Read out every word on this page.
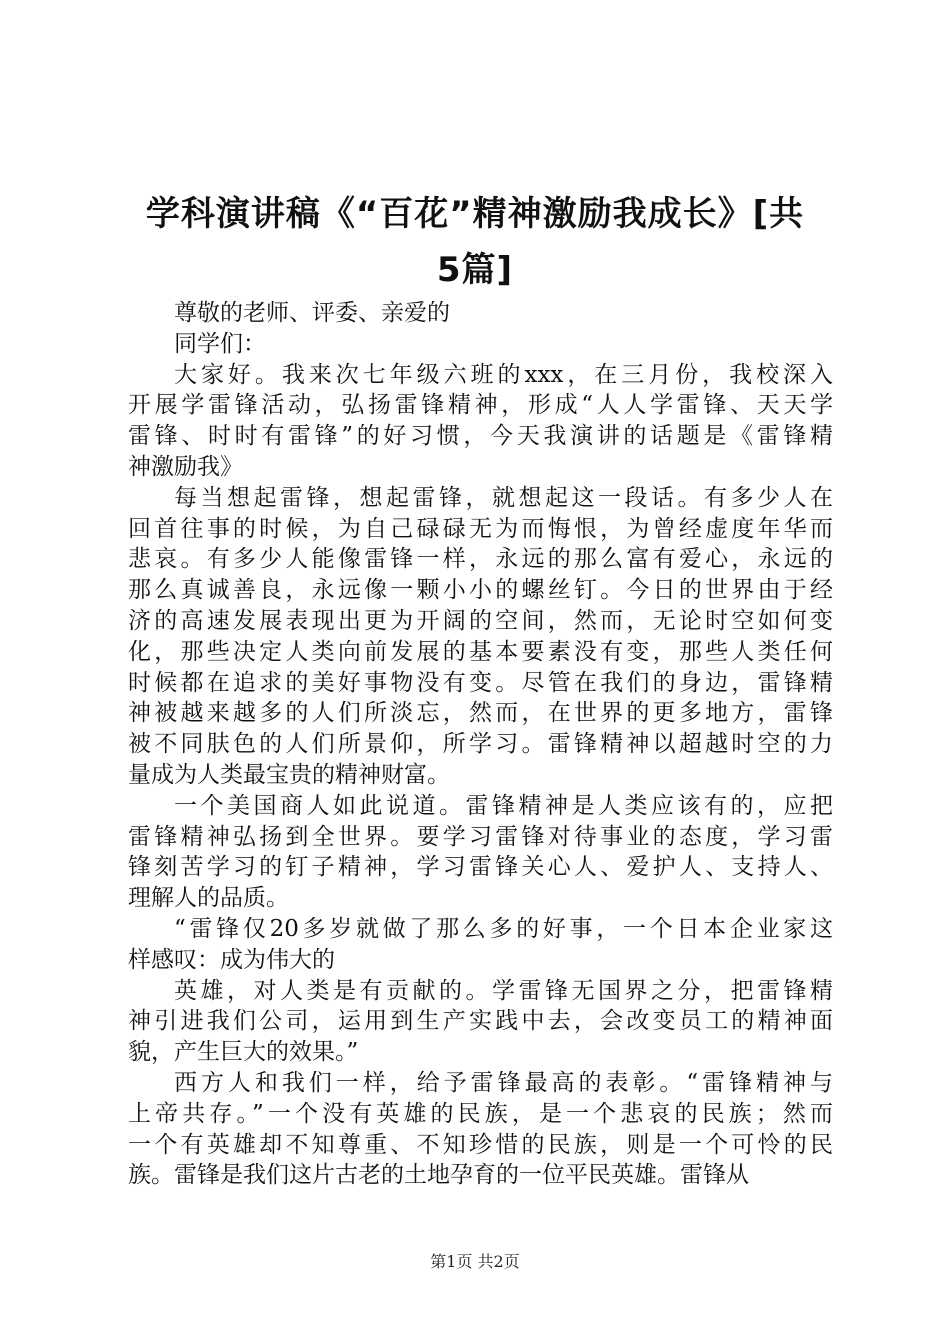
学科演讲稿《“百花”精神激励我成长》[共
5篇]
尊敬的老师、评委、亲爱的
同学们：
大家好。我来次七年级六班的xxx，在三月份，我校深入
开展学雷锋活动，弘扬雷锋精神，形成“人人学雷锋、天天学
雷锋、时时有雷锋”的好习惯，今天我演讲的话题是《雷锋精
神激励我》
每当想起雷锋，想起雷锋，就想起这一段话。有多少人在
回首往事的时候，为自己碌碌无为而悔恨，为曾经虚度年华而
悲哀。有多少人能像雷锋一样，永远的那么富有爱心，永远的
那么真诚善良，永远像一颗小小的螺丝钉。今日的世界由于经
济的高速发展表现出更为开阔的空间，然而，无论时空如何变
化，那些决定人类向前发展的基本要素没有变，那些人类任何
时候都在追求的美好事物没有变。尽管在我们的身边，雷锋精
神被越来越多的人们所淡忘，然而，在世界的更多地方，雷锋
被不同肤色的人们所景仰，所学习。雷锋精神以超越时空的力
量成为人类最宝贵的精神财富。
一个美国商人如此说道。雷锋精神是人类应该有的，应把
雷锋精神弘扬到全世界。要学习雷锋对待事业的态度，学习雷
锋刻苦学习的钉子精神，学习雷锋关心人、爱护人、支持人、
理解人的品质。
“雷锋仅20多岁就做了那么多的好事，一个日本企业家这
样感叹：成为伟大的
英雄，对人类是有贡献的。学雷锋无国界之分，把雷锋精
神引进我们公司，运用到生产实践中去，会改变员工的精神面
貌，产生巨大的效果。”
西方人和我们一样，给予雷锋最高的表彰。“雷锋精神与
上帝共存。”一个没有英雄的民族，是一个悲哀的民族；然而
一个有英雄却不知尊重、不知珍惜的民族，则是一个可怜的民
族。雷锋是我们这片古老的土地孕育的一位平民英雄。雷锋从
第1页 共2页
